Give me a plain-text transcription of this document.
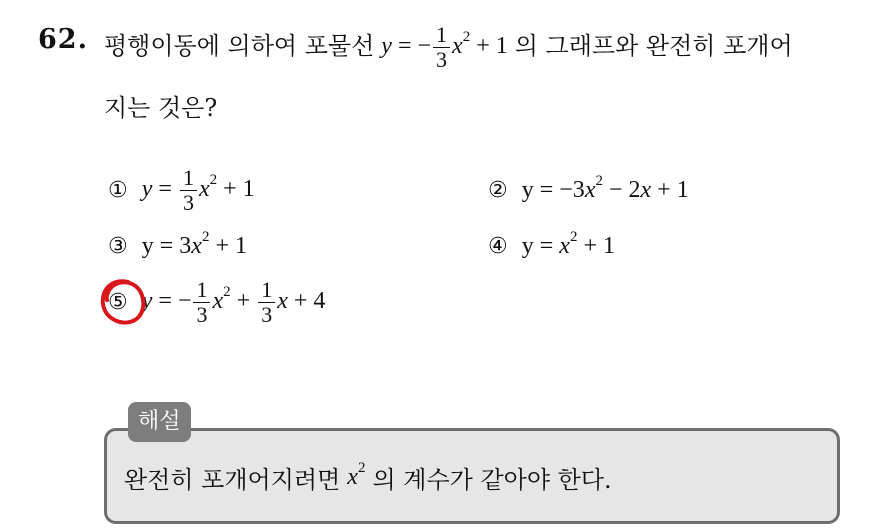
62. 평행이동에 의하여 포물선 y = − $\frac{1}{3} x^2 + 1$ 의 그래프와 완전히 포개어
지는 것은?
① $y = \frac{1}{3} x^2 + 1$	② $y = -3x^2 - 2x + 1$
③ $y = 3x^2 + 1$	④ $y = x^2 + 1$
⑤ y = − $\frac{1}{3} x^2 + \frac{1}{3}$ x + 4
해설
완전히 포개어지려면 $x^2$ 의 계수가 같아야 한다.
